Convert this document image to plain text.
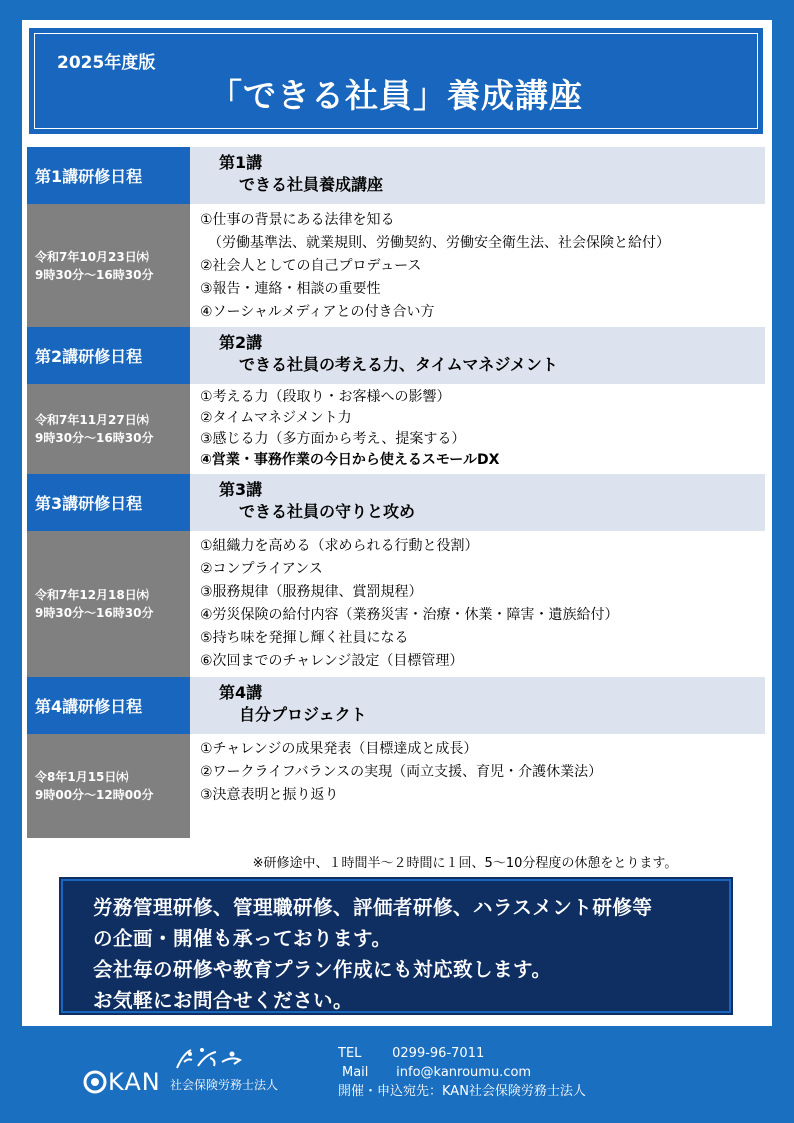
2025年度版
「できる社員」養成講座
第1講研修日程
第1講
できる社員養成講座
令和7年10月23日㈭
9時30分〜16時30分
①仕事の背景にある法律を知る
（労働基準法、就業規則、労働契約、労働安全衛生法、社会保険と給付）
②社会人としての自己プロデュース
③報告・連絡・相談の重要性
④ソーシャルメディアとの付き合い方
第2講研修日程
第2講
できる社員の考える力、タイムマネジメント
令和7年11月27日㈭
9時30分〜16時30分
①考える力（段取り・お客様への影響）
②タイムマネジメント力
③感じる力（多方面から考え、提案する）
④営業・事務作業の今日から使えるスモールDX
第3講研修日程
第3講
できる社員の守りと攻め
令和7年12月18日㈭
9時30分〜16時30分
①組織力を高める（求められる行動と役割）
②コンプライアンス
③服務規律（服務規律、賞罰規程）
④労災保険の給付内容（業務災害・治療・休業・障害・遺族給付）
⑤持ち味を発揮し輝く社員になる
⑥次回までのチャレンジ設定（目標管理）
第4講研修日程
第4講
自分プロジェクト
令8年1月15日㈭
9時00分〜12時00分
①チャレンジの成果発表（目標達成と成長）
②ワークライフバランスの実現（両立支援、育児・介護休業法）
③決意表明と振り返り
※研修途中、１時間半〜２時間に１回、5〜10分程度の休憩をとります。
労務管理研修、管理職研修、評価者研修、ハラスメント研修等
の企画・開催も承っております。
会社毎の研修や教育プラン作成にも対応致します。
お気軽にお問合せください。
KAN 社会保険労務士法人
TEL 0299-96-7011
Mail info@kanroumu.com
開催・申込宛先：KAN社会保険労務士法人
